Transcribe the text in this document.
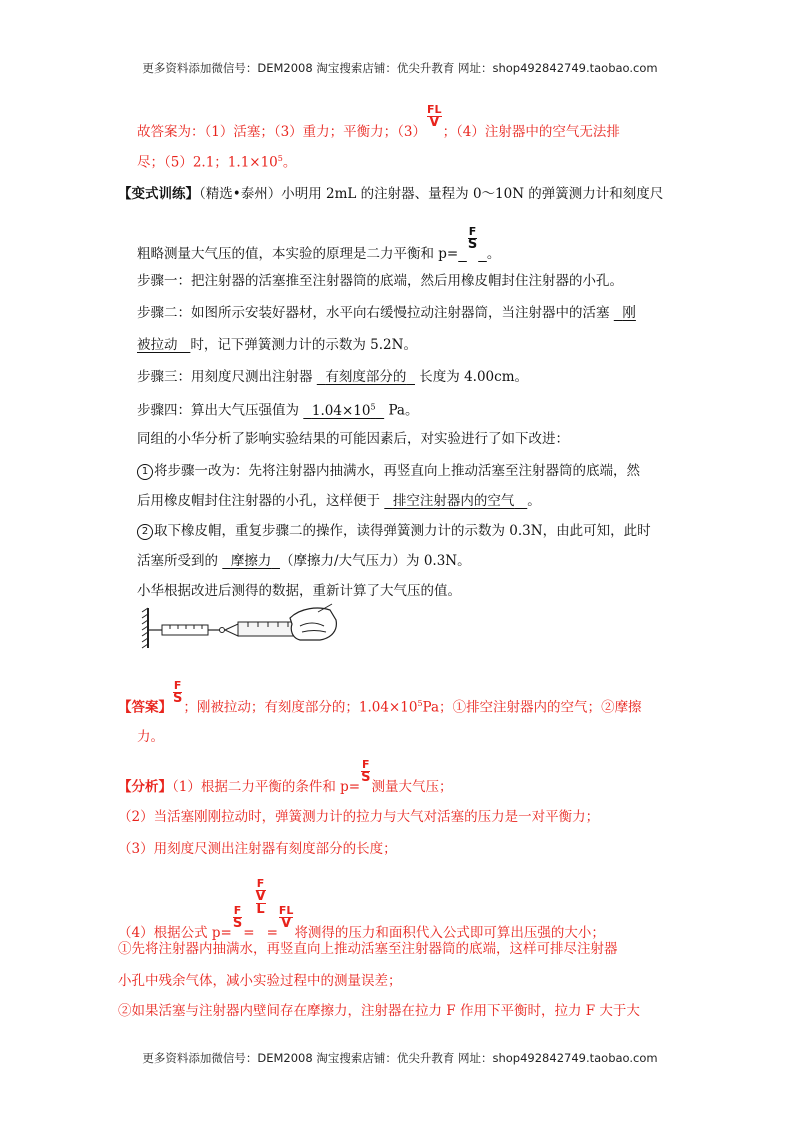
更多资料添加微信号：DEM2008 淘宝搜索店铺：优尖升教育 网址：shop492842749.taobao.com
故答案为：（1）活塞；（3）重力；平衡力；$(3) \frac{FL}{V}$ ；（4）注射器中的空气无法排
尽；（5）2.1；$1.1\times 10^5$。
【变式训练】（精选•泰州）小明用 2mL 的注射器、量程为 0～10N 的弹簧测力计和刻度尺
粗略测量大气压的值，本实验的原理是二力平衡和 $p= \frac{F}{S}$ 。
步骤一：把注射器的活塞推至注射器筒的底端，然后用橡皮帽封住注射器的小孔。
步骤二：如图所示安装好器材，水平向右缓慢拉动注射器筒，当注射器中的活塞 刚
被拉动 时，记下弹簧测力计的示数为 5.2N。
步骤三：用刻度尺测出注射器 有刻度部分的 长度为 4.00cm。
步骤四：算出大气压强值为 $1.04\times 10^5$ Pa。
同组的小华分析了影响实验结果的可能因素后，对实验进行了如下改进：
1 将步骤一改为：先将注射器内抽满水，再竖直向上推动活塞至注射器筒的底端，然
后用橡皮帽封住注射器的小孔，这样便于 排空注射器内的空气 。
2 取下橡皮帽，重复步骤二的操作，读得弹簧测力计的示数为 0.3N，由此可知，此时
活塞所受到的 摩擦力 （摩擦力/大气压力）为 0.3N。
小华根据改进后测得的数据，重新计算了大气压的值。
【答案】 $\frac{F}{S}$ ；刚被拉动；有刻度部分的；$1.04\times 10^5Pa$；①排空注射器内的空气；②摩擦
力。
【分析】（1）根据二力平衡的条件和 $p= \frac{F}{S}$ 测量大气压；
（2）当活塞刚刚拉动时，弹簧测力计的拉力与大气对活塞的压力是一对平衡力；
（3）用刻度尺测出注射器有刻度部分的长度；
（4）根据公式 $p= \frac{F}{S}$ =
F
V
L
= $\frac{FL}{V}$ 将测得的压力和面积代入公式即可算出压强的大小；
①先将注射器内抽满水，再竖直向上推动活塞至注射器筒的底端，这样可排尽注射器
小孔中残余气体，减小实验过程中的测量误差；
②如果活塞与注射器内壁间存在摩擦力，注射器在拉力 F 作用下平衡时，拉力 F 大于大
更多资料添加微信号：DEM2008 淘宝搜索店铺：优尖升教育 网址：shop492842749.taobao.com
